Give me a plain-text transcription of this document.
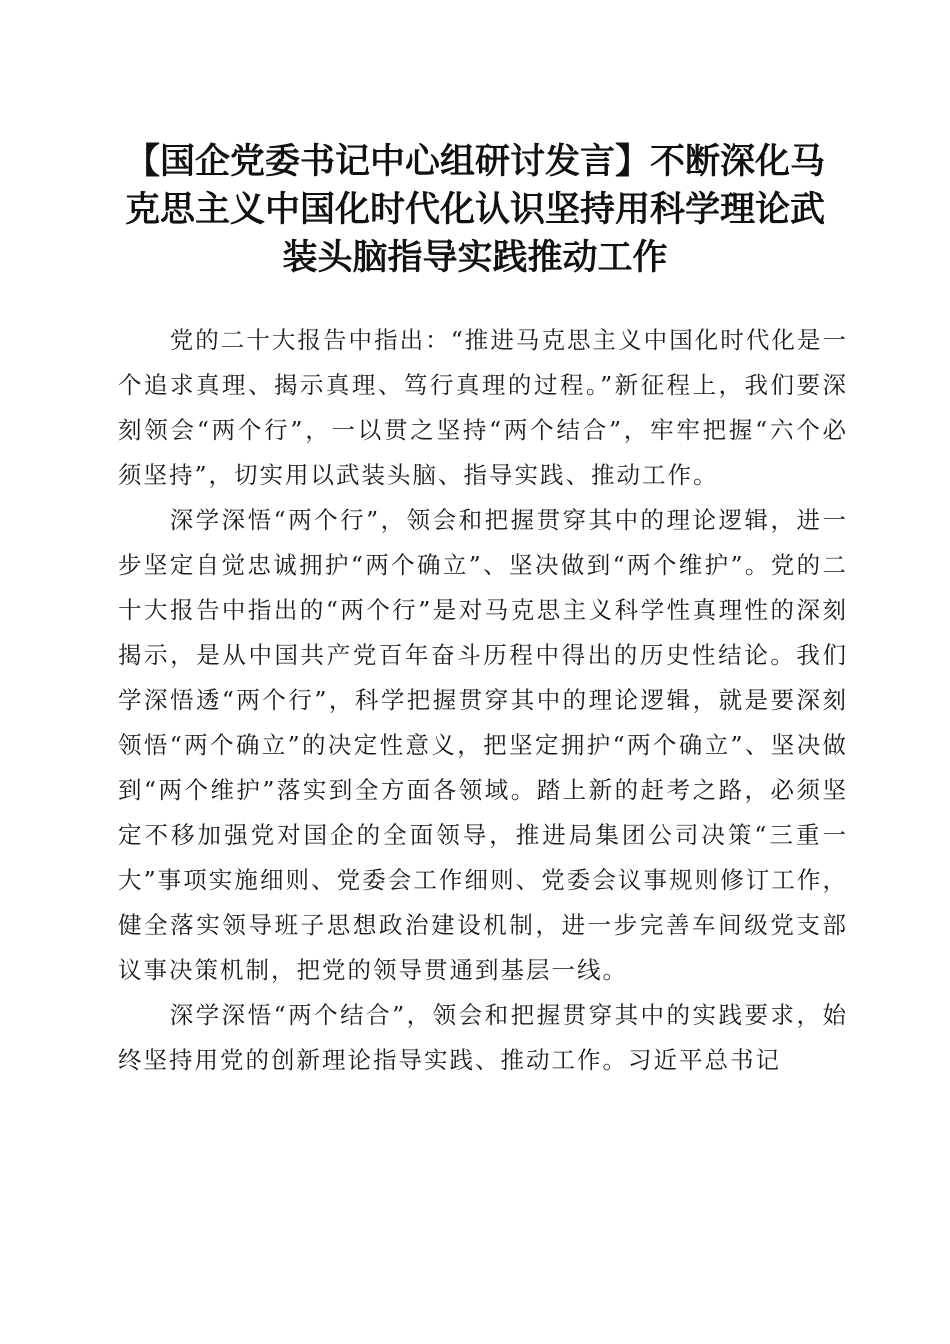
【国企党委书记中心组研讨发言】不断深化马克思主义中国化时代化认识坚持用科学理论武装头脑指导实践推动工作

党的二十大报告中指出：“推进马克思主义中国化时代化是一个追求真理、揭示真理、笃行真理的过程。”新征程上，我们要深刻领会“两个行”，一以贯之坚持“两个结合”，牢牢把握“六个必须坚持”，切实用以武装头脑、指导实践、推动工作。

深学深悟“两个行”，领会和把握贯穿其中的理论逻辑，进一步坚定自觉忠诚拥护“两个确立”、坚决做到“两个维护”。党的二十大报告中指出的“两个行”是对马克思主义科学性真理性的深刻揭示，是从中国共产党百年奋斗历程中得出的历史性结论。我们学深悟透“两个行”，科学把握贯穿其中的理论逻辑，就是要深刻领悟“两个确立”的决定性意义，把坚定拥护“两个确立”、坚决做到“两个维护”落实到全方面各领域。踏上新的赶考之路，必须坚定不移加强党对国企的全面领导，推进局集团公司决策“三重一大”事项实施细则、党委会工作细则、党委会议事规则修订工作，健全落实领导班子思想政治建设机制，进一步完善车间级党支部议事决策机制，把党的领导贯通到基层一线。

深学深悟“两个结合”，领会和把握贯穿其中的实践要求，始终坚持用党的创新理论指导实践、推动工作。习近平总书记
